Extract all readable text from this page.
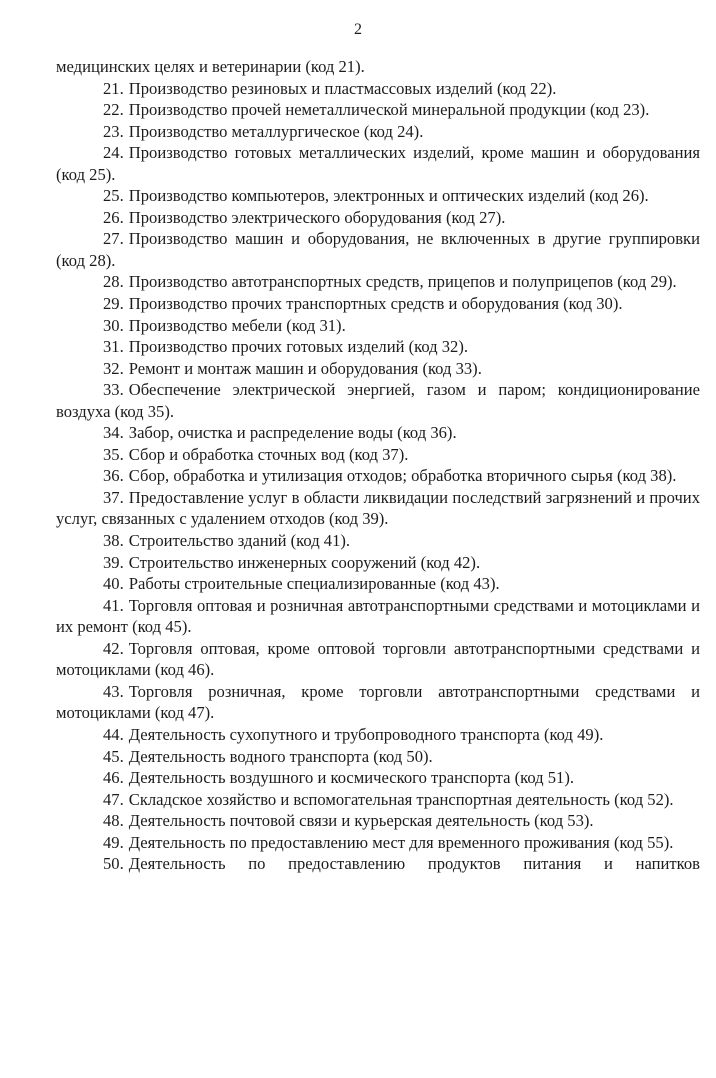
2

медицинских целях и ветеринарии (код 21).

21. Производство резиновых и пластмассовых изделий (код 22).

22. Производство прочей неметаллической минеральной продукции (код 23).

23. Производство металлургическое (код 24).

24. Производство готовых металлических изделий, кроме машин и оборудования (код 25).

25. Производство компьютеров, электронных и оптических изделий (код 26).

26. Производство электрического оборудования (код 27).

27. Производство машин и оборудования, не включенных в другие группировки (код 28).

28. Производство автотранспортных средств, прицепов и полуприцепов (код 29).

29. Производство прочих транспортных средств и оборудования (код 30).

30. Производство мебели (код 31).

31. Производство прочих готовых изделий (код 32).

32. Ремонт и монтаж машин и оборудования (код 33).

33. Обеспечение электрической энергией, газом и паром; кондиционирование воздуха (код 35).

34. Забор, очистка и распределение воды (код 36).

35. Сбор и обработка сточных вод (код 37).

36. Сбор, обработка и утилизация отходов; обработка вторичного сырья (код 38).

37. Предоставление услуг в области ликвидации последствий загрязнений и прочих услуг, связанных с удалением отходов (код 39).

38. Строительство зданий (код 41).

39. Строительство инженерных сооружений (код 42).

40. Работы строительные специализированные (код 43).

41. Торговля оптовая и розничная автотранспортными средствами и мотоциклами и их ремонт (код 45).

42. Торговля оптовая, кроме оптовой торговли автотранспортными средствами и мотоциклами (код 46).

43. Торговля розничная, кроме торговли автотранспортными средствами и мотоциклами (код 47).

44. Деятельность сухопутного и трубопроводного транспорта (код 49).

45. Деятельность водного транспорта (код 50).

46. Деятельность воздушного и космического транспорта (код 51).

47. Складское хозяйство и вспомогательная транспортная деятельность (код 52).

48. Деятельность почтовой связи и курьерская деятельность (код 53).

49. Деятельность по предоставлению мест для временного проживания (код 55).

50. Деятельность по предоставлению продуктов питания и напитков
